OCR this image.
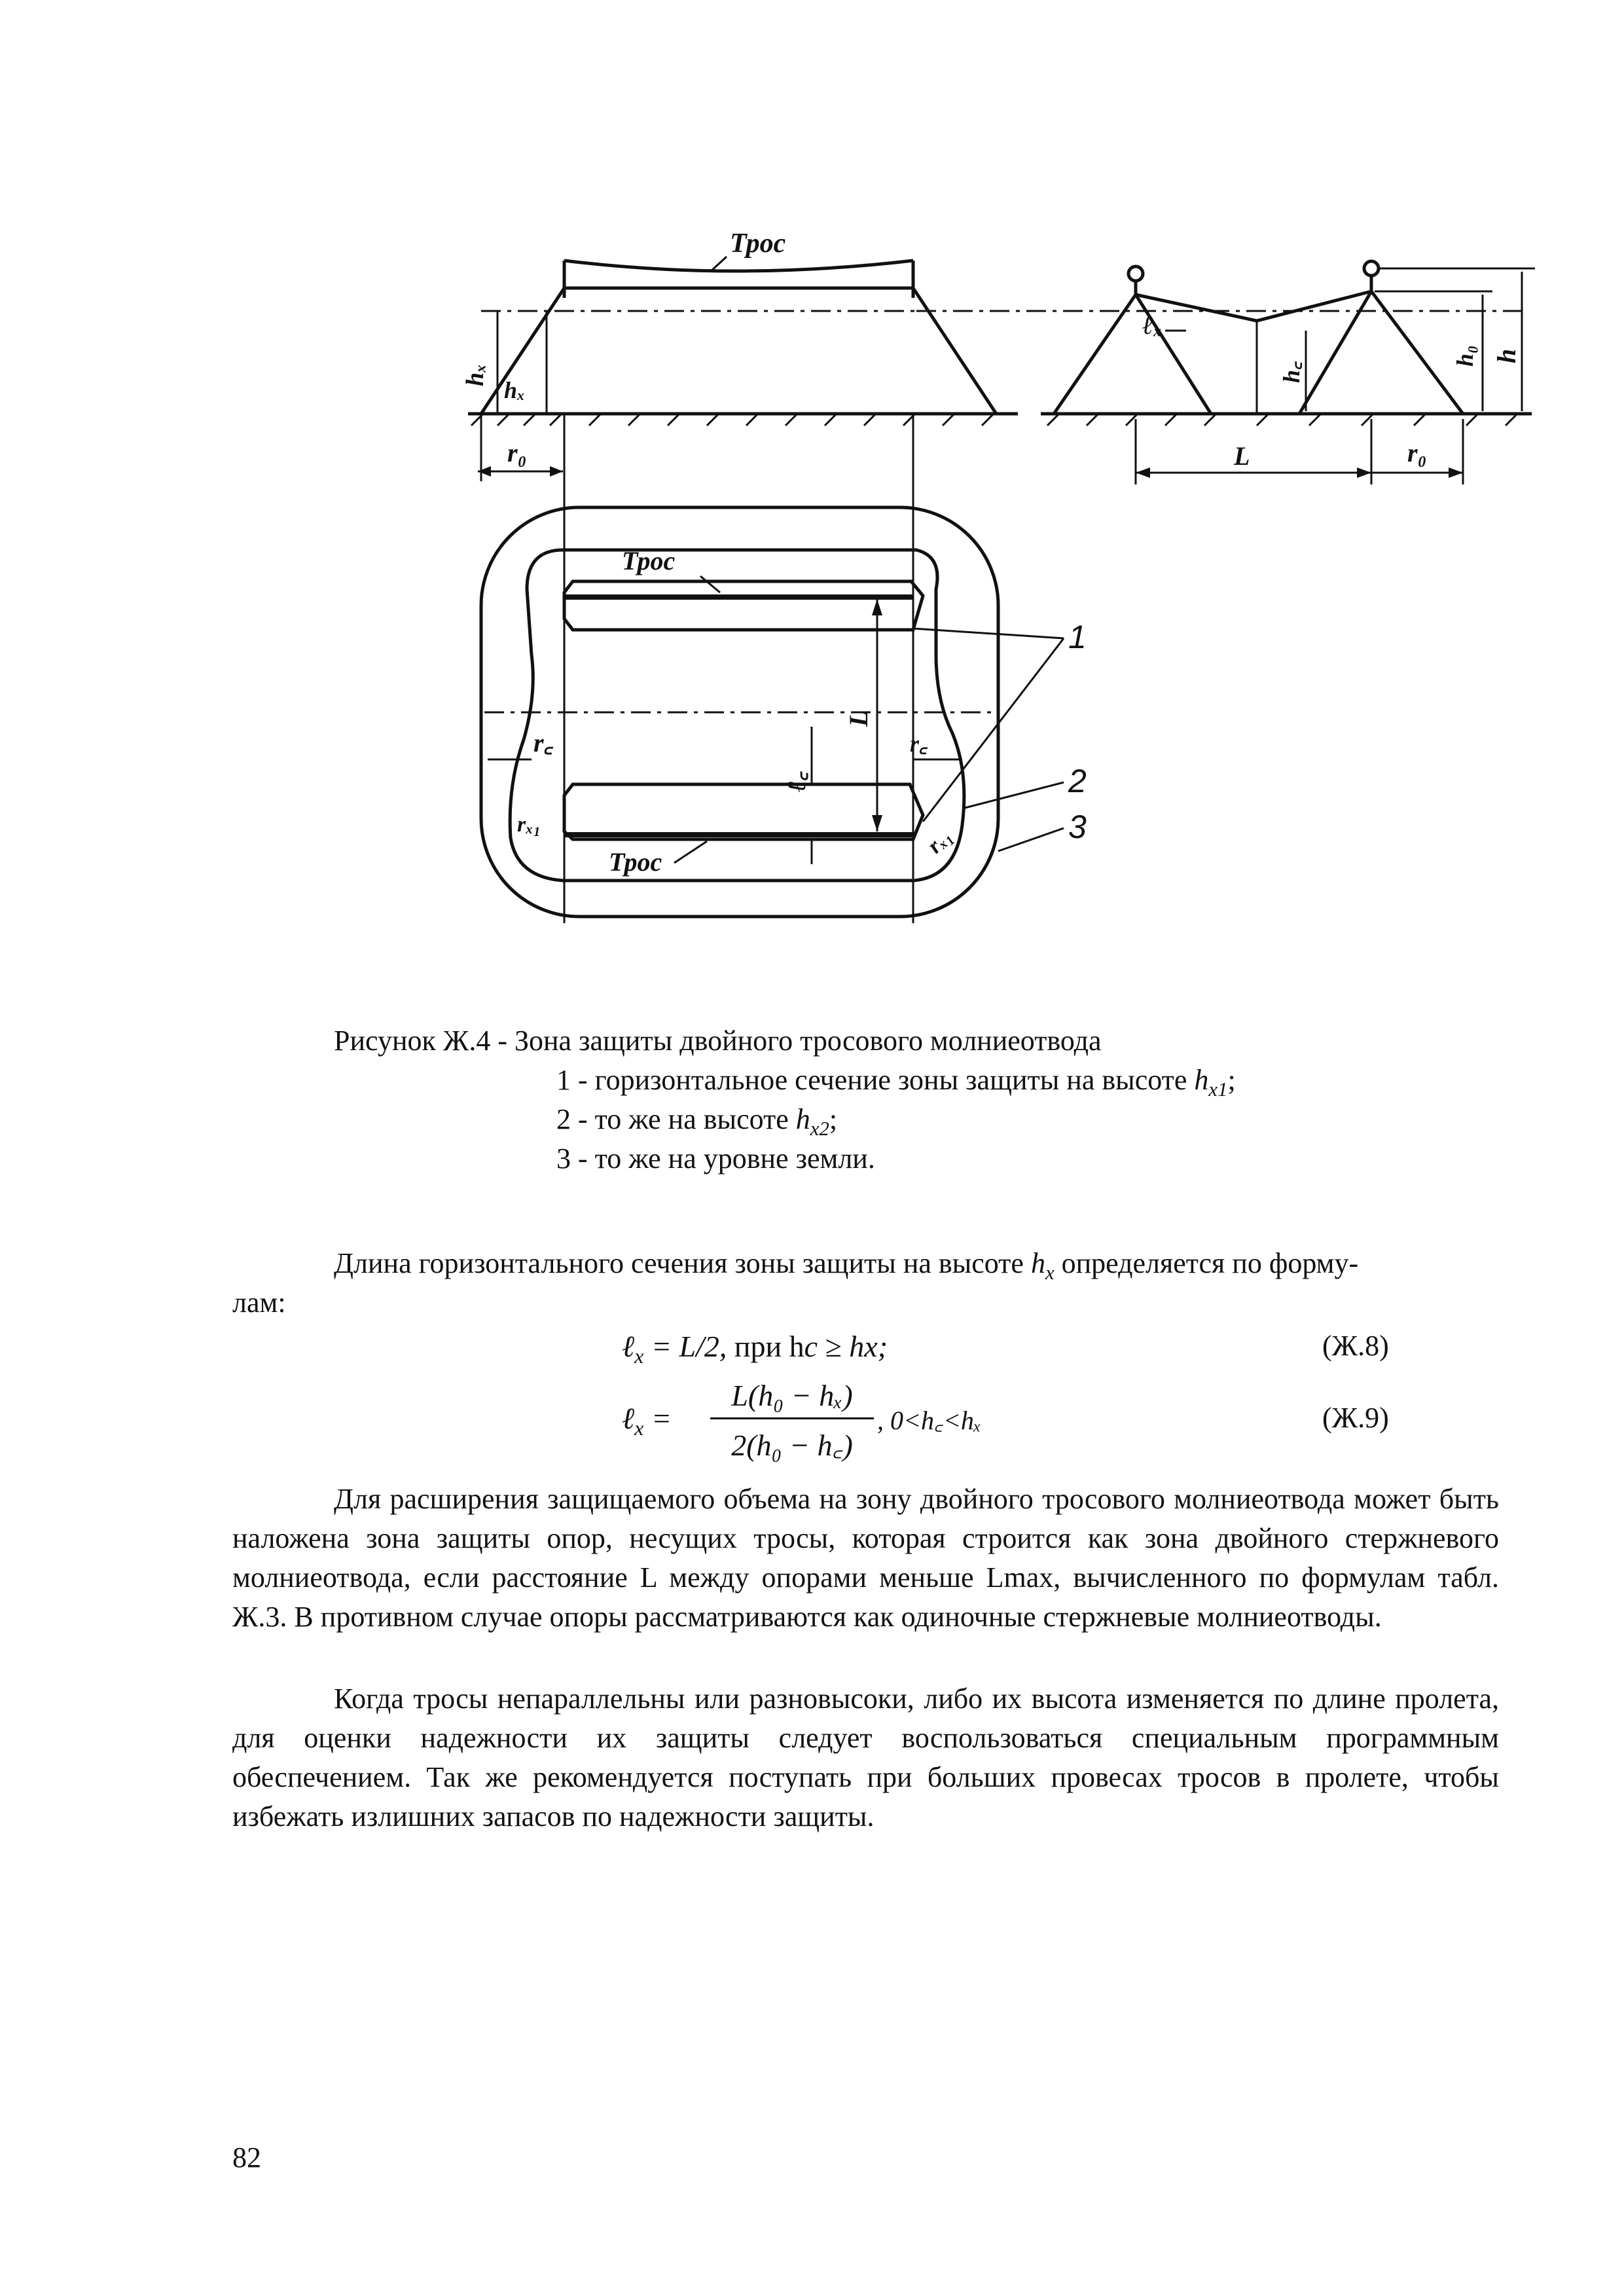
Трос
hₓ
hₓ
r₀
ℓₓ
h꜀
h₀ h
L	r₀
Трос
Трос
L
ℓ꜀
r꜀	r꜀
rₓ₁	rₓ₁
1
2
3
Рисунок Ж.4 - Зона защиты двойного тросового молниеотвода
1 - горизонтальное сечение зоны защиты на высоте $h_{x1}$;
2 - то же на высоте $h_{x2}$;
3 - то же на уровне земли.
Длина горизонтального сечения зоны защиты на высоте $h_x$ определяется по форму-
лам:
ℓ$_x$ = L/2, при hc ≥ hx;	(Ж.8)
ℓ$_x$ =
L(h₀ − hₓ)
2(h₀ − h꜀)
, 0<h꜀<hₓ	(Ж.9)
Для расширения защищаемого объема на зону двойного тросового молниеотвода может быть наложена зона защиты опор, несущих тросы, которая строится как зона двойного стержневого молниеотвода, если расстояние L между опорами меньше Lmax, вычисленного по формулам табл. Ж.3. В противном случае опоры рассматриваются как одиночные стержневые молниеотводы.
Когда тросы непараллельны или разновысоки, либо их высота изменяется по длине пролета, для оценки надежности их защиты следует воспользоваться специальным программным обеспечением. Так же рекомендуется поступать при больших провесах тросов в пролете, чтобы избежать излишних запасов по надежности защиты.
82
